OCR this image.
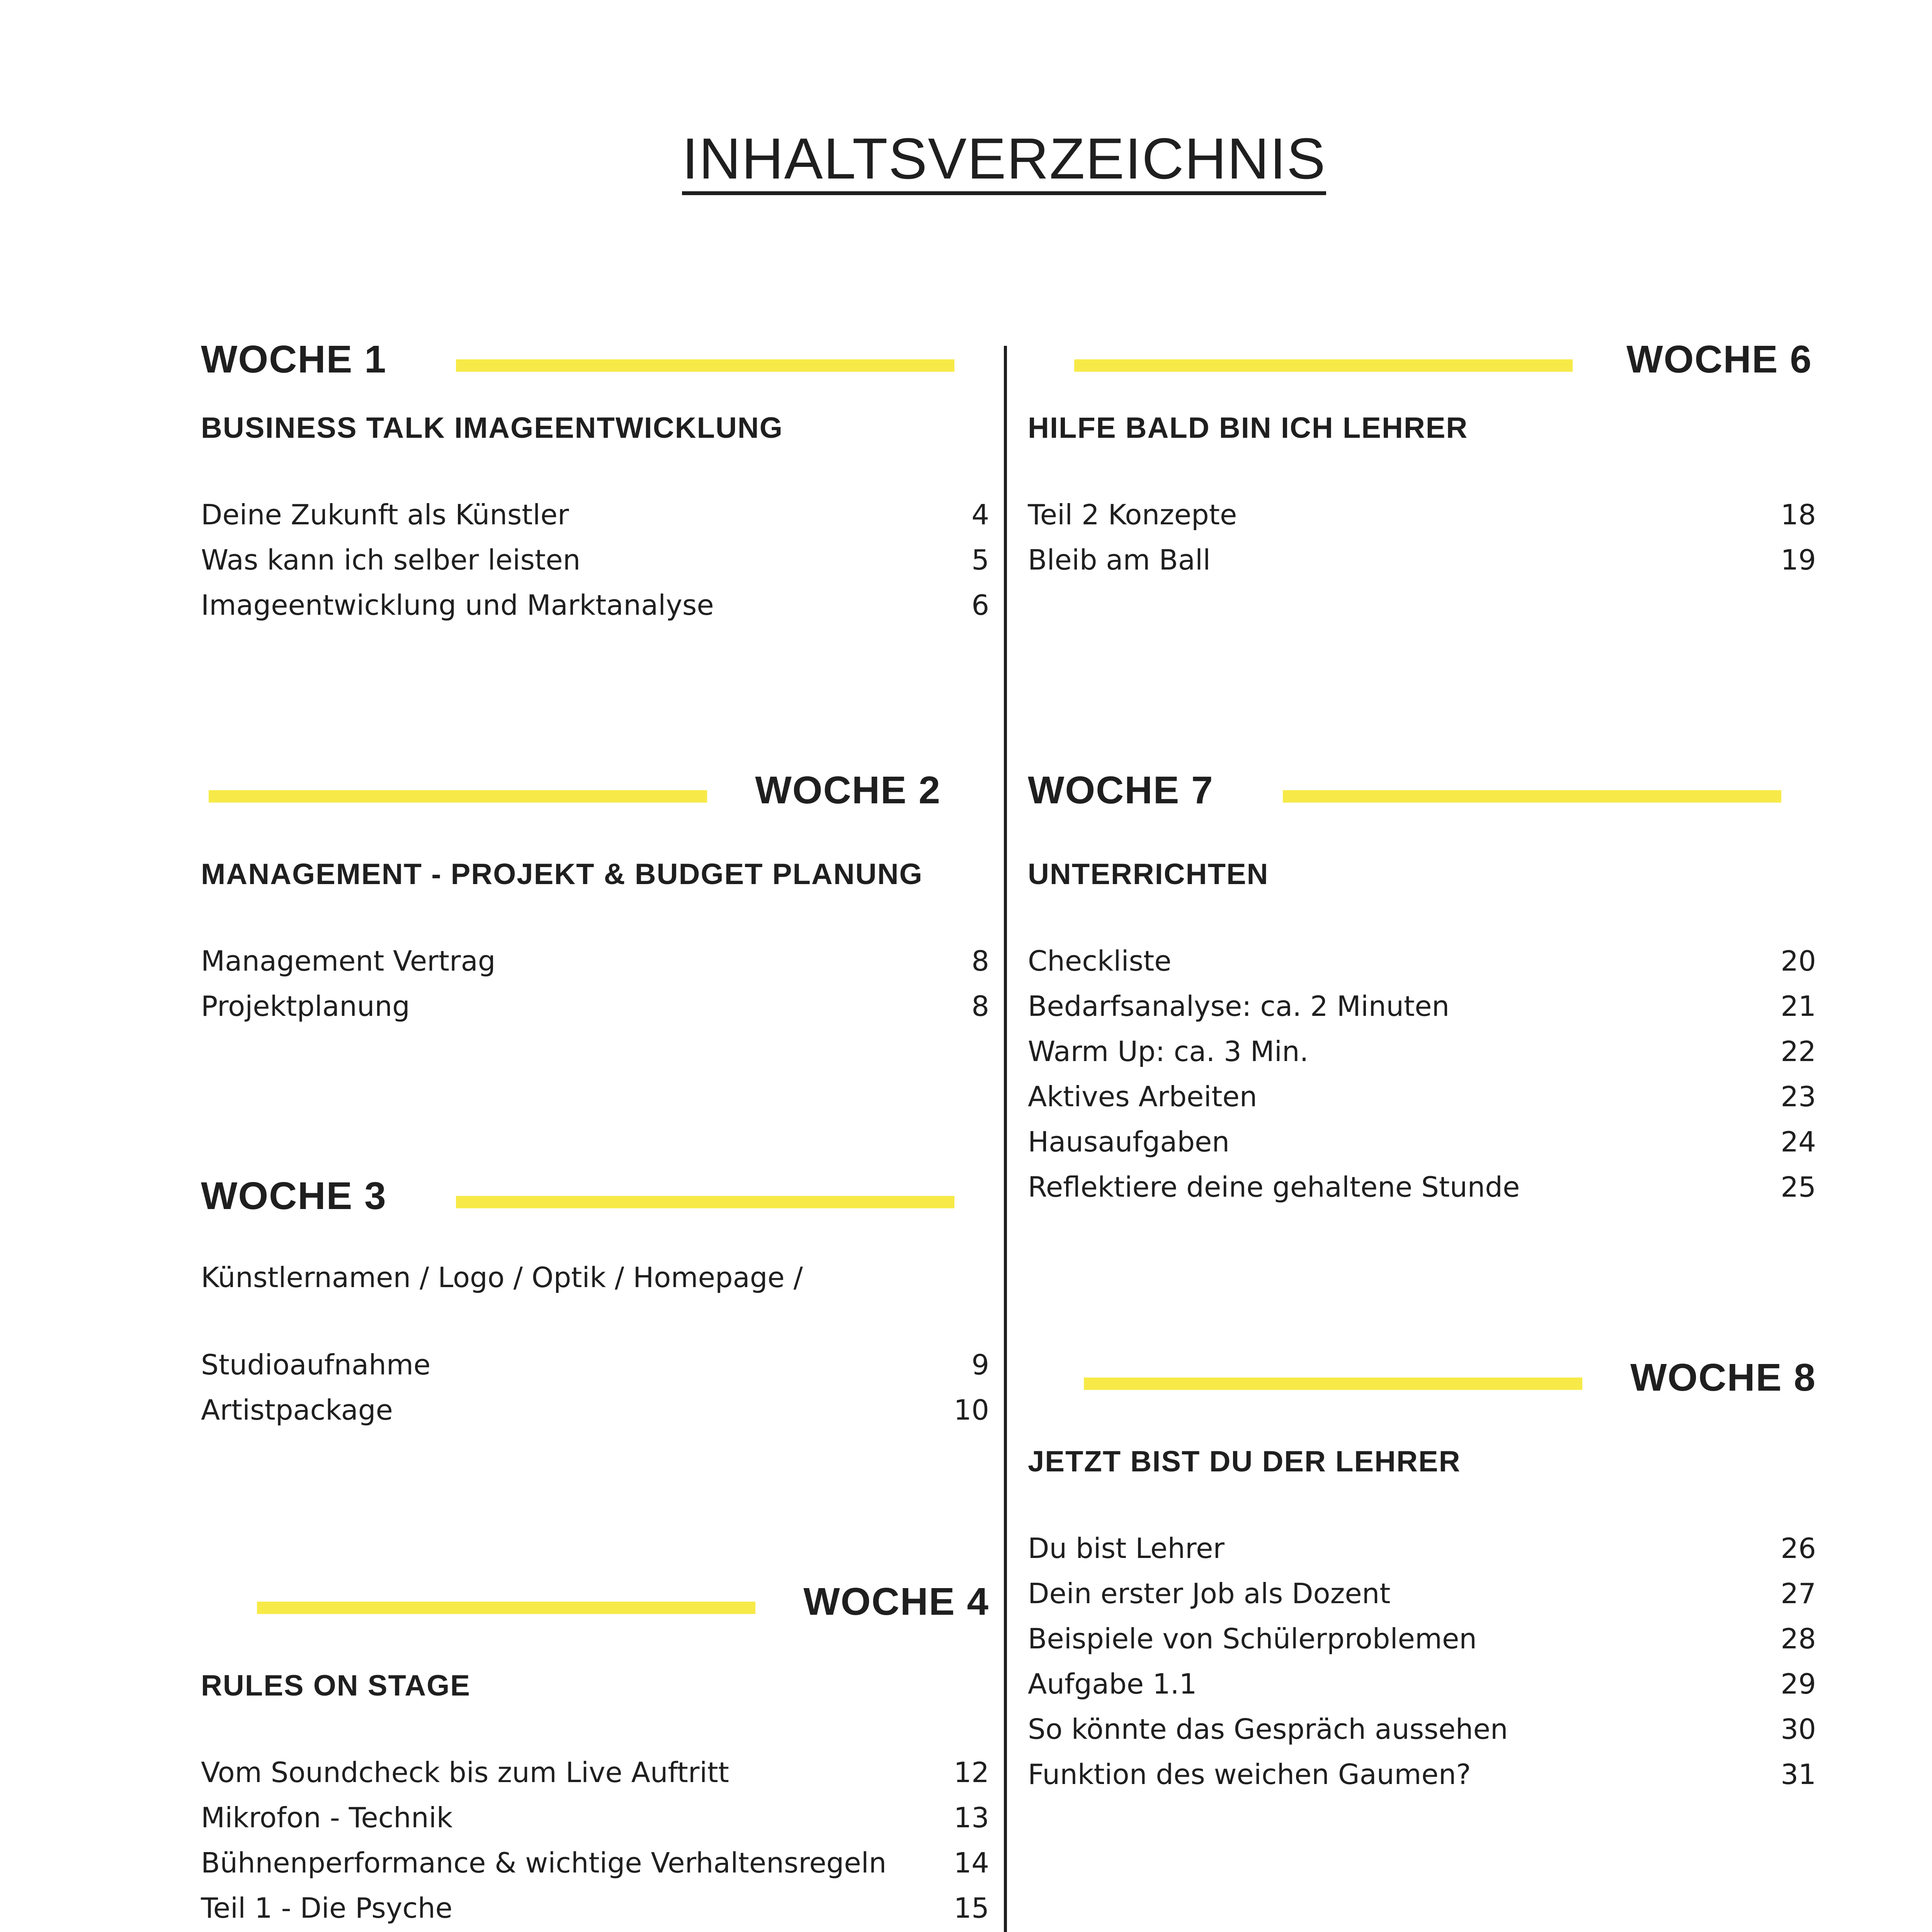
INHALTSVERZEICHNIS
WOCHE 1
BUSINESS TALK IMAGEENTWICKLUNG
Deine Zukunft als Künstler	4
Was kann ich selber leisten	5
Imageentwicklung und Marktanalyse	6
WOCHE 2
MANAGEMENT - PROJEKT & BUDGET PLANUNG
Management Vertrag	8
Projektplanung	8
WOCHE 3
Künstlernamen / Logo / Optik / Homepage /
Studioaufnahme	9
Artistpackage	10
WOCHE 4
RULES ON STAGE
Vom Soundcheck bis zum Live Auftritt	12
Mikrofon - Technik	13
Bühnenperformance & wichtige Verhaltensregeln 14
Teil 1 - Die Psyche	15
WOCHE 6
HILFE BALD BIN ICH LEHRER
Teil 2 Konzepte	18
Bleib am Ball	19
WOCHE 7
UNTERRICHTEN
Checkliste	20
Bedarfsanalyse: ca. 2 Minuten	21
Warm Up: ca. 3 Min.	22
Aktives Arbeiten	23
Hausaufgaben	24
Reflektiere deine gehaltene Stunde	25
WOCHE 8
JETZT BIST DU DER LEHRER
Du bist Lehrer	26
Dein erster Job als Dozent	27
Beispiele von Schülerproblemen	28
Aufgabe 1.1	29
So könnte das Gespräch aussehen	30
Funktion des weichen Gaumen?	31
